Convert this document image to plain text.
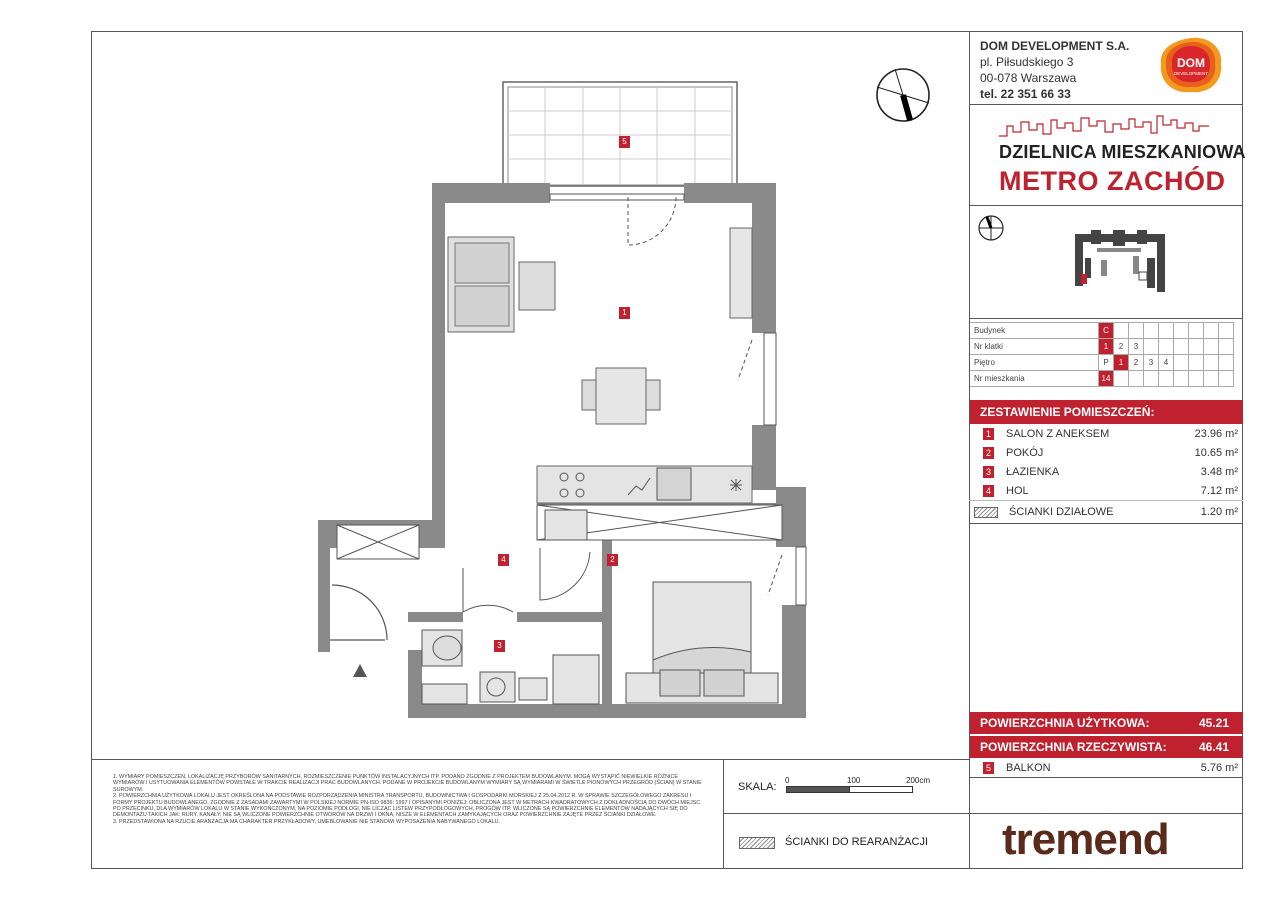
DOM DEVELOPMENT S.A.
pl. Piłsudskiego 3
00-078 Warszawa
tel. 22 351 66 33
DOM
DEVELOPMENT
DZIELNICA MIESZKANIOWA
METRO ZACHÓD
Budynek	C								
Nr klatki	1	2	3						
Piętro	P	1	2	3	4				
Nr mieszkania	14								
ZESTAWIENIE POMIESZCZEŃ:
1 SALON Z ANEKSEM	23.96 m²
2 POKÓJ	10.65 m²
3 ŁAZIENKA	3.48 m²
4 HOL	7.12 m²
ŚCIANKI DZIAŁOWE	1.20 m²
POWIERZCHNIA UŻYTKOWA:	45.21
POWIERZCHNIA RZECZYWISTA:	46.41
5 BALKON	5.76 m²
tremend
SKALA:
0	100	200cm
ŚCIANKI DO REARANŻACJI

1. WYMIARY POMIESZCZEŃ, LOKALIZACJĘ PRZYBORÓW SANITARNYCH, ROZMIESZCZENIE PUNKTÓW INSTALACYJNYCH ITP. PODANO ZGODNIE Z PROJEKTEM BUDOWLANYM. MOGĄ WYSTĄPIĆ NIEWIELKIE RÓŻNICE WYMIARÓW I USYTUOWANIA ELEMENTÓW POWSTAŁE W TRAKCIE REALIZACJI PRAC BUDOWLANYCH. PODANE W PROJEKCIE BUDOWLANYM WYMIARY SĄ WYMIARAMI W ŚWIETLE PIONOWYCH PRZEGRÓD (ŚCIAN) W STANIE SUROWYM.

2. POWIERZCHNIA UŻYTKOWA LOKALU JEST OKREŚLONA NA PODSTAWIE ROZPORZĄDZENIA MINISTRA TRANSPORTU, BUDOWNICTWA I GOSPODARKI MORSKIEJ Z 25.04.2012 R. W SPRAWIE SZCZEGÓŁOWEGO ZAKRESU I FORMY PROJEKTU BUDOWLANEGO, ZGODNIE Z ZASADAMI ZAWARTYMI W POLSKIEJ NORMIE PN-ISO 9836: 1997 I OPISANYMI PONIŻEJ: OBLICZONA JEST W METRACH KWADRATOWYCH Z DOKŁADNOŚCIĄ DO DWÓCH MIEJSC PO PRZECINKU, DLA WYMIARÓW LOKALU W STANIE WYKOŃCZONYM, NA POZIOMIE PODŁOGI, NIE LICZĄC LISTEW PRZYPODŁOGOWYCH, PROGÓW ITP. WLICZONE SĄ POWIERZCHNIE ELEMENTÓW NADAJĄCYCH SIĘ DO DEMONTAŻU TAKICH JAK: RURY, KANAŁY. NIE SĄ WLICZONE POWIERZCHNIE OTWORÓW NA DRZWI I OKNA, NISZE W ELEMENTACH ZAMYKAJĄCYCH ORAZ POWIERZCHNIE ZAJĘTE PRZEZ ŚCIANKI DZIAŁOWE.

3. PRZEDSTAWIONA NA RZUCIE ARANŻACJA MA CHARAKTER PRZYKŁADOWY, UMEBLOWANIE NIE STANOWI WYPOSAŻENIA NABYWANEGO LOKALU.

5
1
2
3
4
